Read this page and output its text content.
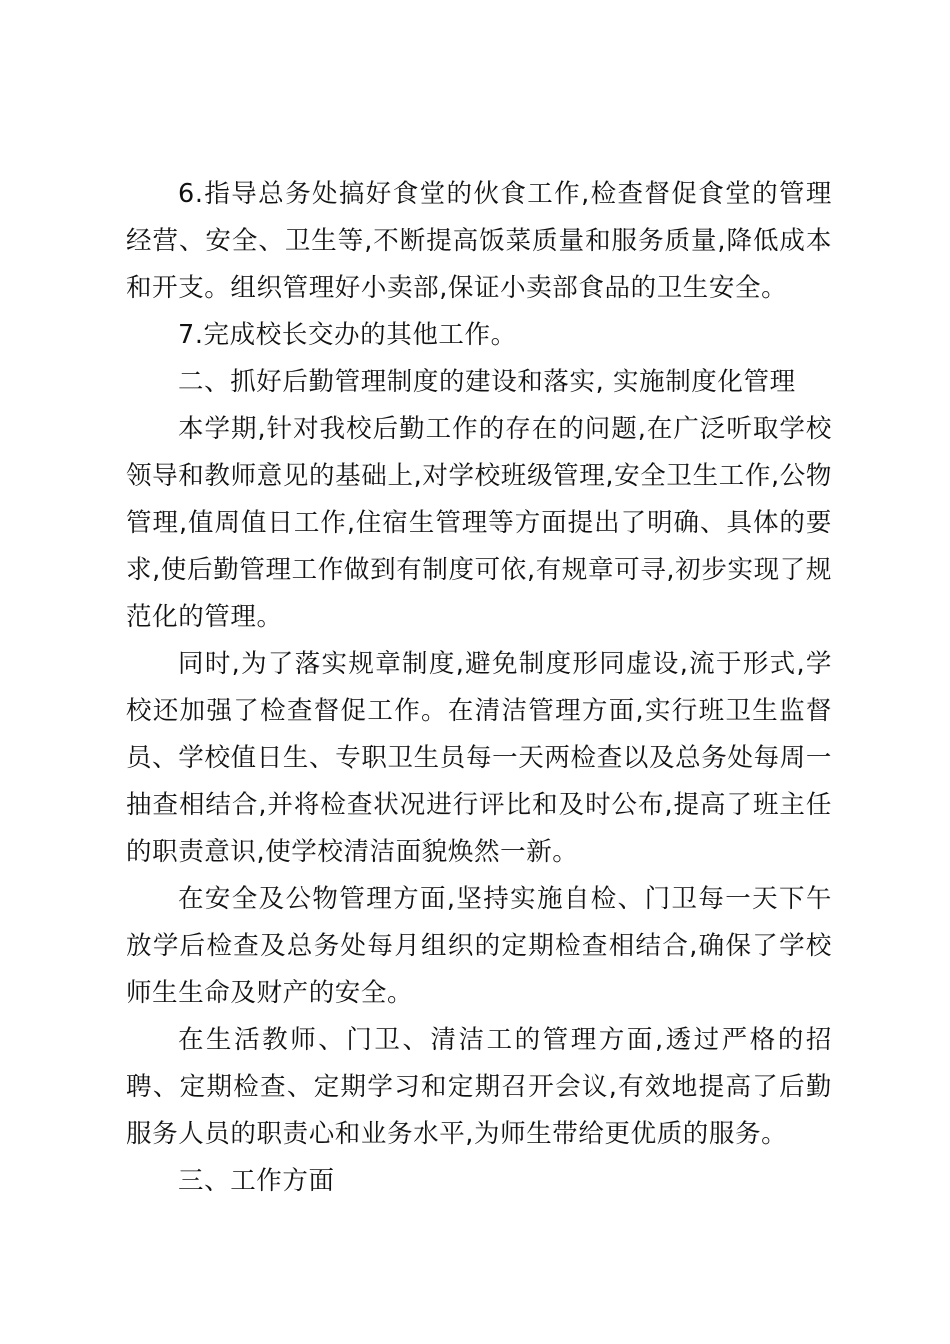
6.指导总务处搞好食堂的伙食工作,检查督促食堂的管理经营、安全、卫生等,不断提高饭菜质量和服务质量,降低成本和开支。组织管理好小卖部,保证小卖部食品的卫生安全。

7.完成校长交办的其他工作。

二、抓好后勤管理制度的建设和落实, 实施制度化管理

本学期,针对我校后勤工作的存在的问题,在广泛听取学校领导和教师意见的基础上,对学校班级管理,安全卫生工作,公物管理,值周值日工作,住宿生管理等方面提出了明确、具体的要求,使后勤管理工作做到有制度可依,有规章可寻,初步实现了规范化的管理。

同时,为了落实规章制度,避免制度形同虚设,流于形式,学校还加强了检查督促工作。在清洁管理方面,实行班卫生监督员、学校值日生、专职卫生员每一天两检查以及总务处每周一抽查相结合,并将检查状况进行评比和及时公布,提高了班主任的职责意识,使学校清洁面貌焕然一新。

在安全及公物管理方面,坚持实施自检、门卫每一天下午放学后检查及总务处每月组织的定期检查相结合,确保了学校师生生命及财产的安全。

在生活教师、门卫、清洁工的管理方面,透过严格的招聘、定期检查、定期学习和定期召开会议,有效地提高了后勤服务人员的职责心和业务水平,为师生带给更优质的服务。

三、工作方面
